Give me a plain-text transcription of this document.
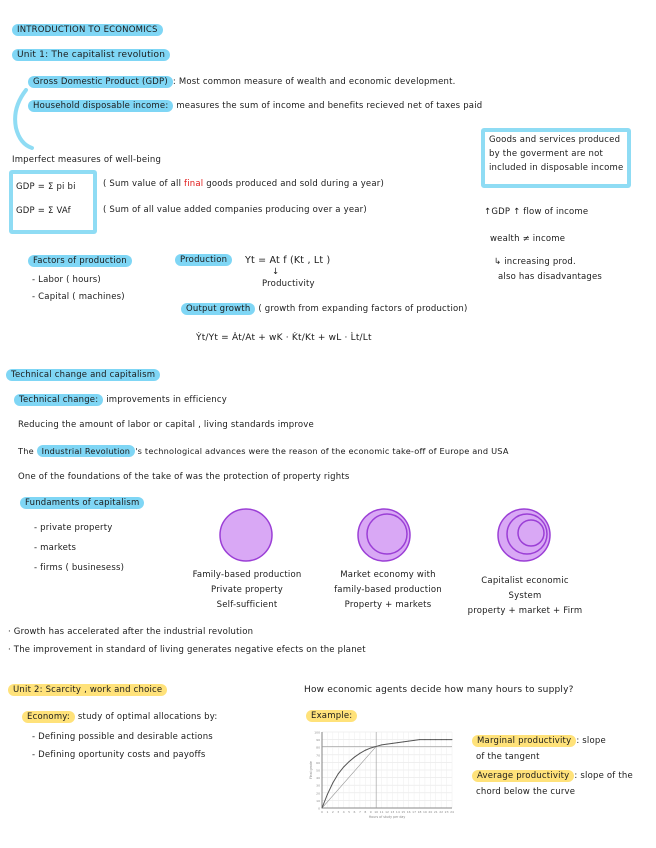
INTRODUCTION TO ECONOMICS
Unit 1: The capitalist revolution
Gross Domestic Product (GDP) : Most common measure of wealth and economic development.
Household disposable income: measures the sum of income and benefits recieved net of taxes paid
Goods and services produced
by the goverment are not
included in disposable income
Imperfect measures of well-being
GDP = Σ pi bi
GDP = Σ VAf
( Sum value of all final goods produced and sold during a year)
( Sum of all value added companies producing over a year)	↑GDP ↑ flow of income
wealth ≠ income
↳ increasing prod.
also has disadvantages
Factors of production
- Labor ( hours)
- Capital ( machines)
Production	Yt = At f (Kt , Lt )
↓
Productivity
Output growth ( growth from expanding factors of production)
Ẏt/Yt = Ȧt/At + wK · K̇t/Kt + wL · L̇t/Lt
Technical change and capitalism
Technical change: improvements in efficiency
Reducing the amount of labor or capital , living standards improve
The Industrial Revolution 's technological advances were the reason of the economic take-off of Europe and USA
One of the foundations of the take of was the protection of property rights
Fundaments of capitalism
- private property
- markets
- firms ( businesess)
Family-based production
Private property
Self-sufficient
Market economy with
family-based production
Property + markets
Capitalist economic
System
property + market + Firm
· Growth has accelerated after the industrial revolution
· The improvement in standard of living generates negative efects on the planet
Unit 2: Scarcity , work and choice
Economy: study of optimal allocations by:
- Defining possible and desirable actions
- Defining oportunity costs and payoffs
How economic agents decide how many hours to supply?
Example:
Marginal productivity : slope
of the tangent
Average productivity : slope of the
chord below the curve
0
10
20
30
40
50
60
70
80
90
100
0 1 2 3 4 5 6 7 8 9 10 11 12 13 14 15 16 17 18 19 20 21 22 23 24
Hours of study per day
Final grade
